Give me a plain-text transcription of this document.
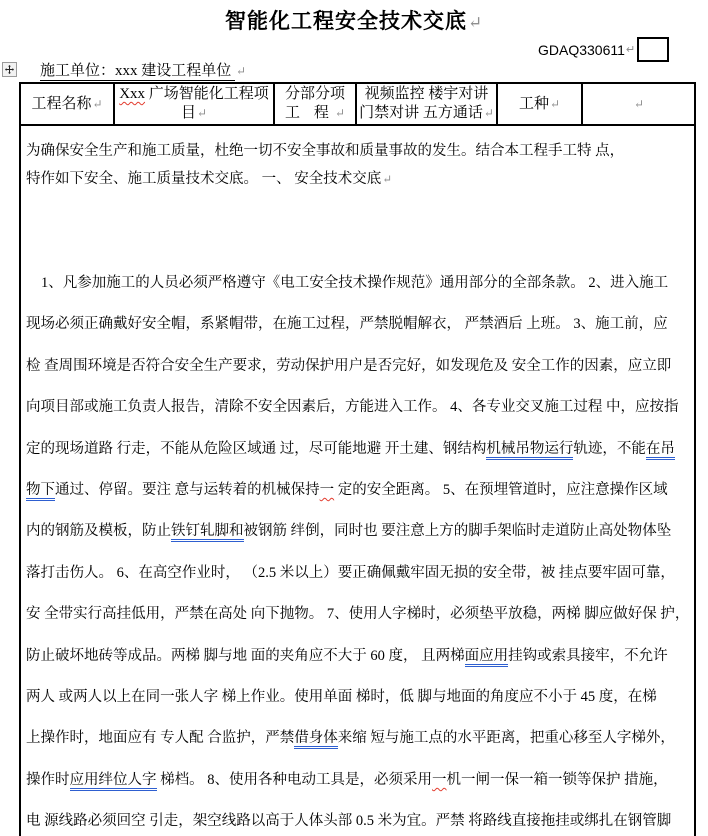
智能化工程安全技术交底↵
GDAQ330611 ↵
施工单位：xxx 建设工程单位 ↵
工程名称↵
Xxx 广场智能化工程项
目↵
分部分项
工 程↵
视频监控 楼宇对讲
门禁对讲 五方通话↵
工种↵	↵
为确保安全生产和施工质量，杜绝一切不安全事故和质量事故的发生。结合本工程手工特 点，
特作如下安全、施工质量技术交底。 一、 安全技术交底↵
1、凡参加施工的人员必须严格遵守《电工安全技术操作规范》通用部分的全部条款。 2、进入施工
现场必须正确戴好安全帽，系紧帽带，在施工过程，严禁脱帽解衣， 严禁酒后 上班。 3、施工前，应
检 查周围环境是否符合安全生产要求，劳动保护用户是否完好，如发现危及 安全工作的因素，应立即
向项目部或施工负责人报告，清除不安全因素后，方能进入工作。 4、各专业交叉施工过程 中，应按指
定的现场道路 行走，不能从危险区域通 过，尽可能地避 开土建、钢结构机械吊物运行轨迹，不能在吊
物下通过、停留。要注 意与运转着的机械保持一 定的安全距离。 5、在预埋管道时，应注意操作区域
内的钢筋及模板，防止铁钉轧脚和被钢筋 绊倒，同时也 要注意上方的脚手架临时走道防止高处物体坠
落打击伤人。 6、在高空作业时， （2.5 米以上）要正确佩戴牢固无损的安全带，被 挂点要牢固可靠，
安 全带实行高挂低用，严禁在高处 向下抛物。 7、使用人字梯时，必须垫平放稳，两梯 脚应做好保 护，
防止破坏地砖等成品。两梯 脚与地 面的夹角应不大于 60 度， 且两梯面应用挂钩或索具接牢，不允许
两人 或两人以上在同一张人字 梯上作业。使用单面 梯时，低 脚与地面的角度应不小于 45 度，在梯
上操作时，地面应有 专人配 合监护，严禁借身体来缩 短与施工点的水平距离，把重心移至人字梯外，
操作时应用绊位人字 梯档。 8、使用各种电动工具是，必须采用一机一闸一保一箱一锁等保护 措施，
电 源线路必须回空 引走，架空线路以高于人体头部 0.5 米为宜。严禁 将路线直接拖挂或绑扎在钢管脚
